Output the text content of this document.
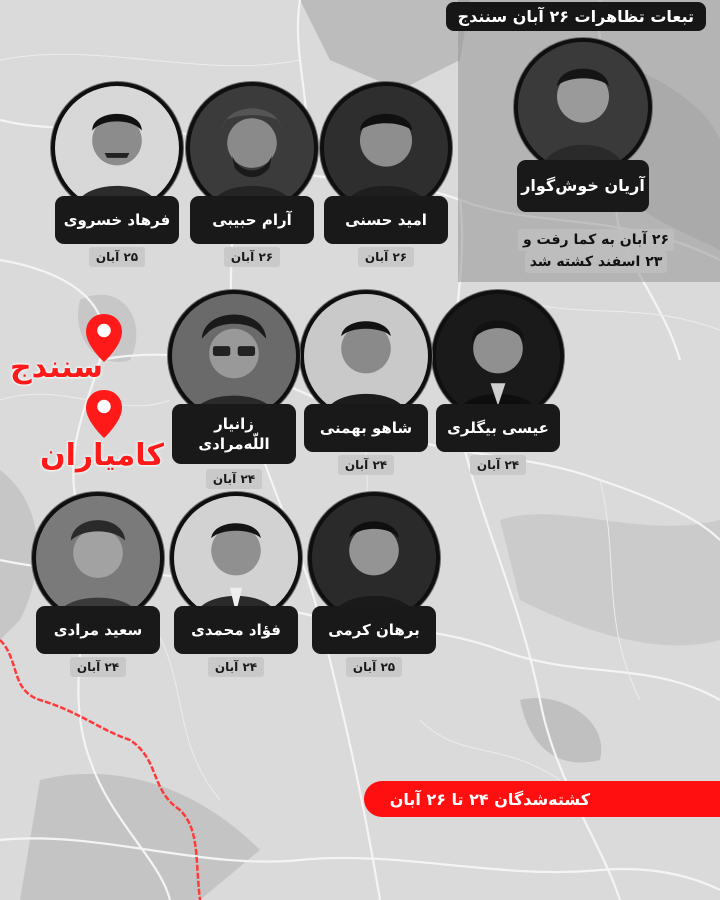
تبعات تظاهرات ۲۶ آبان سنندج
آریان خوش‌گوار
۲۶ آبان به کما رفت و
۲۳ اسفند کشته شد
امید حسنی
۲۶ آبان
آرام حبیبی
۲۶ آبان
فرهاد خسروی
۲۵ آبان
عیسی بیگلری
۲۴ آبان
شاهو بهمنی
۲۴ آبان
زانیار اللّه‌مرادی
۲۴ آبان
برهان کرمی
۲۵ آبان
فؤاد محمدی
۲۴ آبان
سعید مرادی
۲۴ آبان
سنندج
کامیاران
کشته‌شدگان ۲۴ تا ۲۶ آبان
